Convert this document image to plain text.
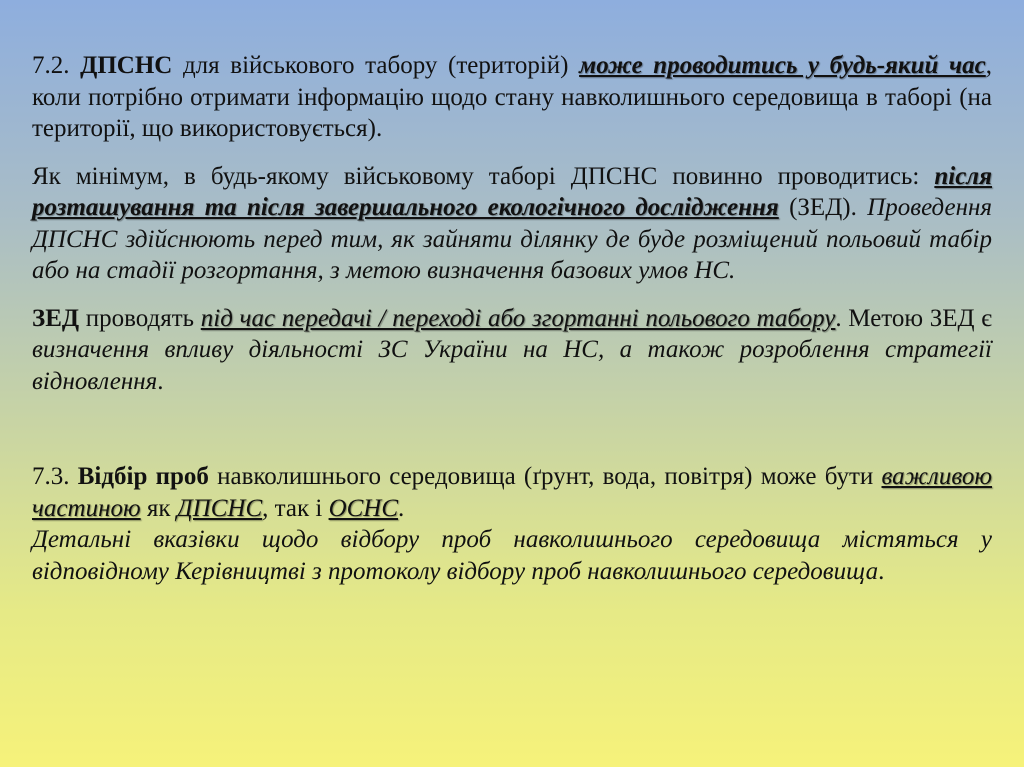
7.2. ДПСНС для військового табору (територій) може проводитись у будь-який час, коли потрібно отримати інформацію щодо стану навколишнього середовища в таборі (на території, що використовується).

Як мінімум, в будь-якому військовому таборі ДПСНС повинно проводитись: після розташування та після завершального екологічного дослідження (ЗЕД). Проведення ДПСНС здійснюють перед тим, як зайняти ділянку де буде розміщений польовий табір або на стадії розгортання, з метою визначення базових умов НС.

ЗЕД проводять під час передачі / переході або згортанні польового табору. Метою ЗЕД є визначення впливу діяльності ЗС України на НС, а також розроблення стратегії відновлення.

7.3. Відбір проб навколишнього середовища (ґрунт, вода, повітря) може бути важливою частиною як ДПСНС, так і ОСНС.

Детальні вказівки щодо відбору проб навколишнього середовища містяться у відповідному Керівництві з протоколу відбору проб навколишнього середовища.
